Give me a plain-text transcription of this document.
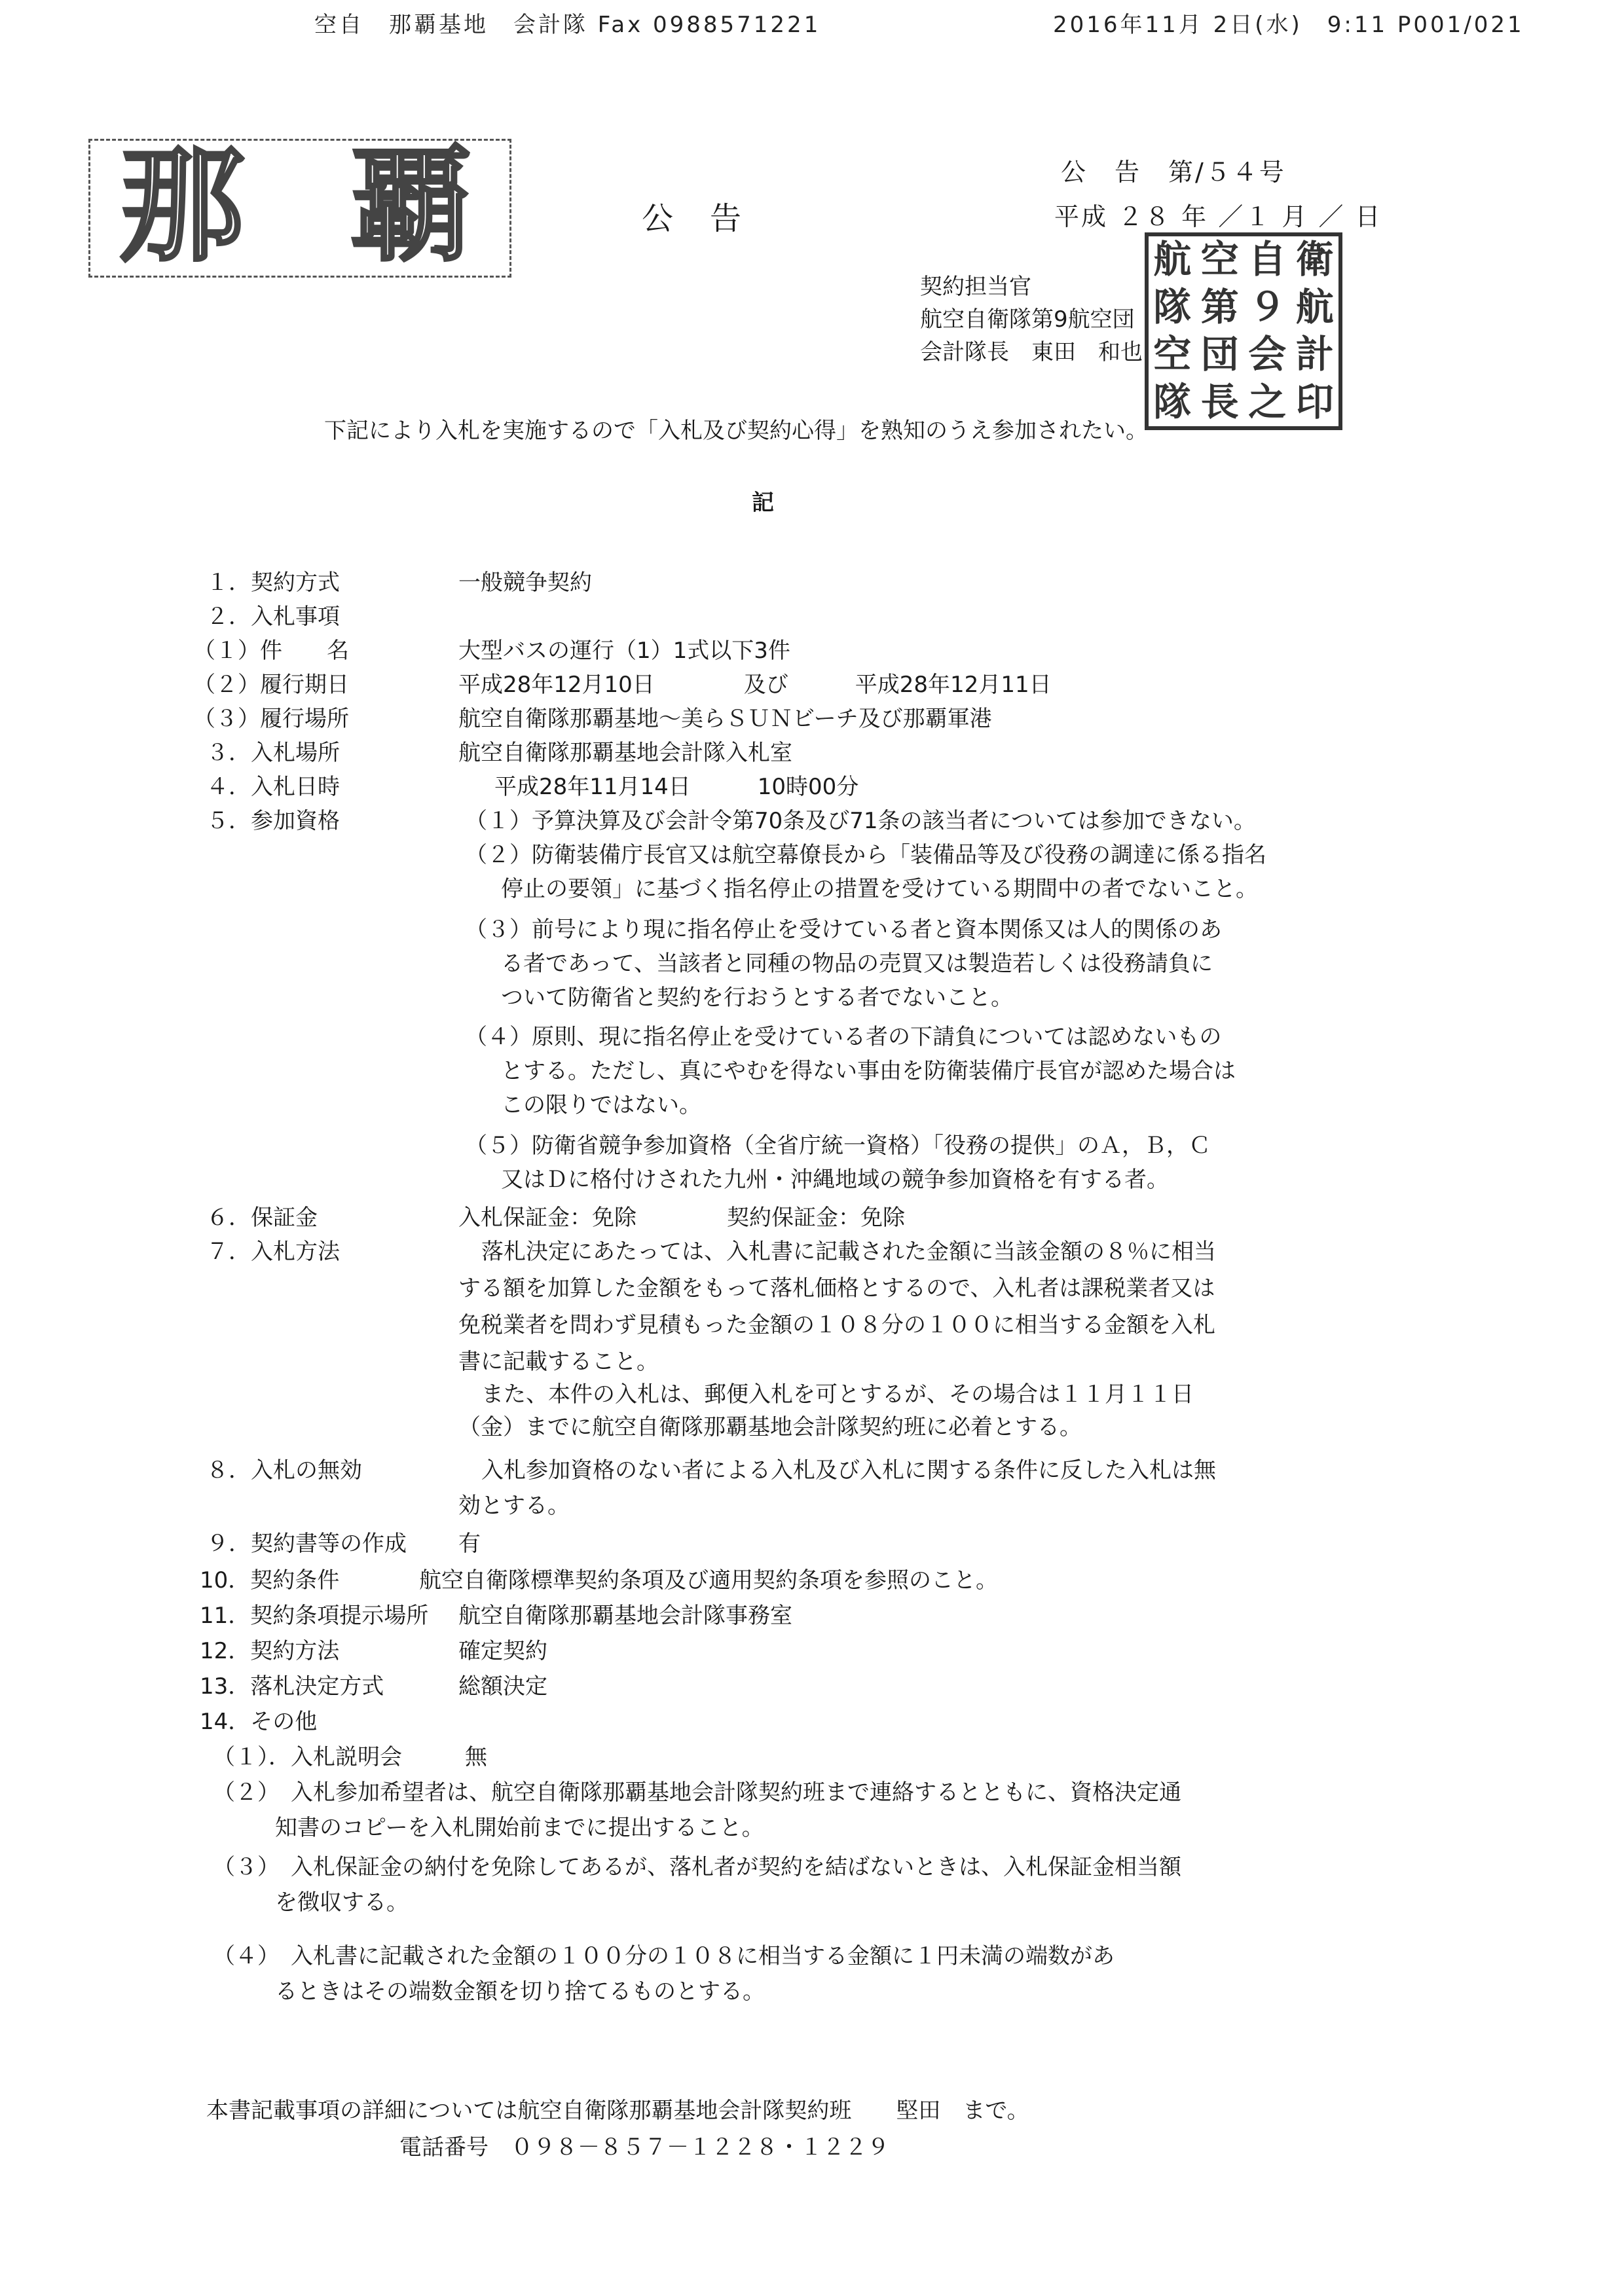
空自　那覇基地　会計隊 Fax 0988571221	2016年11月 2日(水)　9:11 P001/021
那 覇	公　告
公　告　第/５４号
平成 ２８ 年 ／１ 月 ／ 日
契約担当官
航空自衛隊第9航空団
会計隊長　東田　和也
航 空 自 衛
隊 第 ９ 航
空 団 会 計
隊 長 之 印
下記により入札を実施するので「入札及び契約心得」を熟知のうえ参加されたい。
記
１．契約方式	一般競争契約
２．入札事項
（１）件　　名	大型バスの運行（1）1式以下3件
（２）履行期日	平成28年12月10日　　　　及び　　　平成28年12月11日
（３）履行場所	航空自衛隊那覇基地～美らＳＵＮビーチ及び那覇軍港
３．入札場所	航空自衛隊那覇基地会計隊入札室
４．入札日時	平成28年11月14日　　　10時00分
５．参加資格	（１）予算決算及び会計令第70条及び71条の該当者については参加できない。
（２）防衛装備庁長官又は航空幕僚長から「装備品等及び役務の調達に係る指名
停止の要領」に基づく指名停止の措置を受けている期間中の者でないこと。
（３）前号により現に指名停止を受けている者と資本関係又は人的関係のあ
る者であって、当該者と同種の物品の売買又は製造若しくは役務請負に
ついて防衛省と契約を行おうとする者でないこと。
（４）原則、現に指名停止を受けている者の下請負については認めないもの
とする。ただし、真にやむを得ない事由を防衛装備庁長官が認めた場合は
この限りではない。
（５）防衛省競争参加資格（全省庁統一資格）「役務の提供」のＡ，Ｂ，Ｃ
又はＤに格付けされた九州・沖縄地域の競争参加資格を有する者。
６．保証金	入札保証金：免除	契約保証金：免除
７．入札方法	落札決定にあたっては、入札書に記載された金額に当該金額の８％に相当
する額を加算した金額をもって落札価格とするので、入札者は課税業者又は
免税業者を問わず見積もった金額の１０８分の１００に相当する金額を入札
書に記載すること。
また、本件の入札は、郵便入札を可とするが、その場合は１１月１１日
（金）までに航空自衛隊那覇基地会計隊契約班に必着とする。
８．入札の無効	入札参加資格のない者による入札及び入札に関する条件に反した入札は無
効とする。
９．契約書等の作成 有
10．契約条件	航空自衛隊標準契約条項及び適用契約条項を参照のこと。
11．契約条項提示場所 航空自衛隊那覇基地会計隊事務室
12．契約方法	確定契約
13．落札決定方式	総額決定
14．その他
（１）．入札説明会	無
（２）　入札参加希望者は、航空自衛隊那覇基地会計隊契約班まで連絡するとともに、資格決定通
知書のコピーを入札開始前までに提出すること。
（３）　入札保証金の納付を免除してあるが、落札者が契約を結ばないときは、入札保証金相当額
を徴収する。
（４）　入札書に記載された金額の１００分の１０８に相当する金額に１円未満の端数があ
るときはその端数金額を切り捨てるものとする。
本書記載事項の詳細については航空自衛隊那覇基地会計隊契約班　　堅田　まで。
電話番号　０９８－８５７－１２２８・１２２９
